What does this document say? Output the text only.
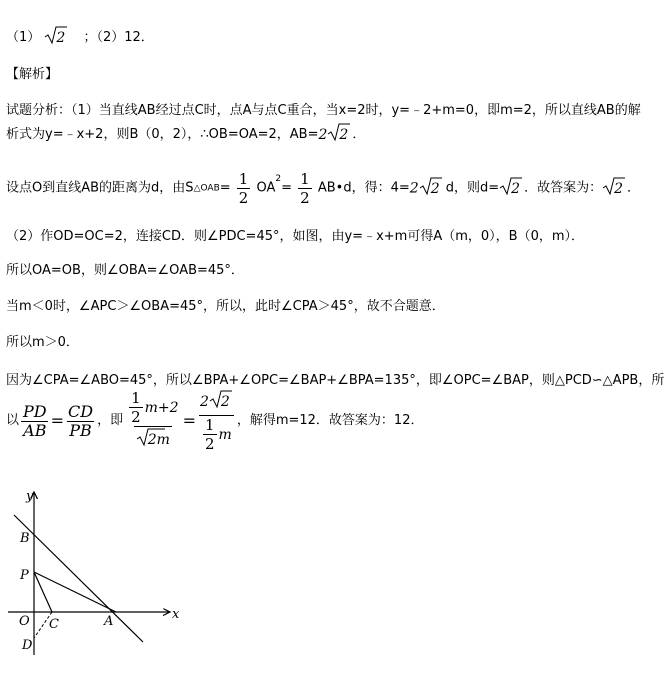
（1） 2 ；（2）12．
【解析】
试题分析：（1）当直线AB经过点C时，点A与点C重合，当x=2时，y=﹣2+m=0，即m=2，所以直线AB的解
析式为y=﹣x+2，则B（0，2），∴OB=OA=2，AB=2 2 ．
设点O到直线AB的距离为d，由S△OAB= $\frac{1}{2} OA^2= \frac{1}{2}$ AB•d，得：4=2 2 d，则d= 2 ．故答案为： 2 ．
（2）作OD=OC=2，连接CD．则∠PDC=45°，如图，由y=﹣x+m可得A（m，0），B（0，m）．
所以OA=OB，则∠OBA=∠OAB=45°．
当m＜0时，∠APC＞∠OBA=45°，所以，此时∠CPA＞45°，故不合题意．
所以m＞0．
因为∠CPA=∠ABO=45°，所以∠BPA+∠OPC=∠BAP+∠BPA=135°，即∠OPC=∠BAP，则△PCD∽△APB，所
以 $\frac{PD}{AB} = \frac{CD}{PB}$ ，即 $\frac{\frac{1}{2} m+2}{2 m} = \frac{2 2}{\frac{1}{2} m}$ ，解得m=12．故答案为：12．
y
x
B
P
O C	A
D
